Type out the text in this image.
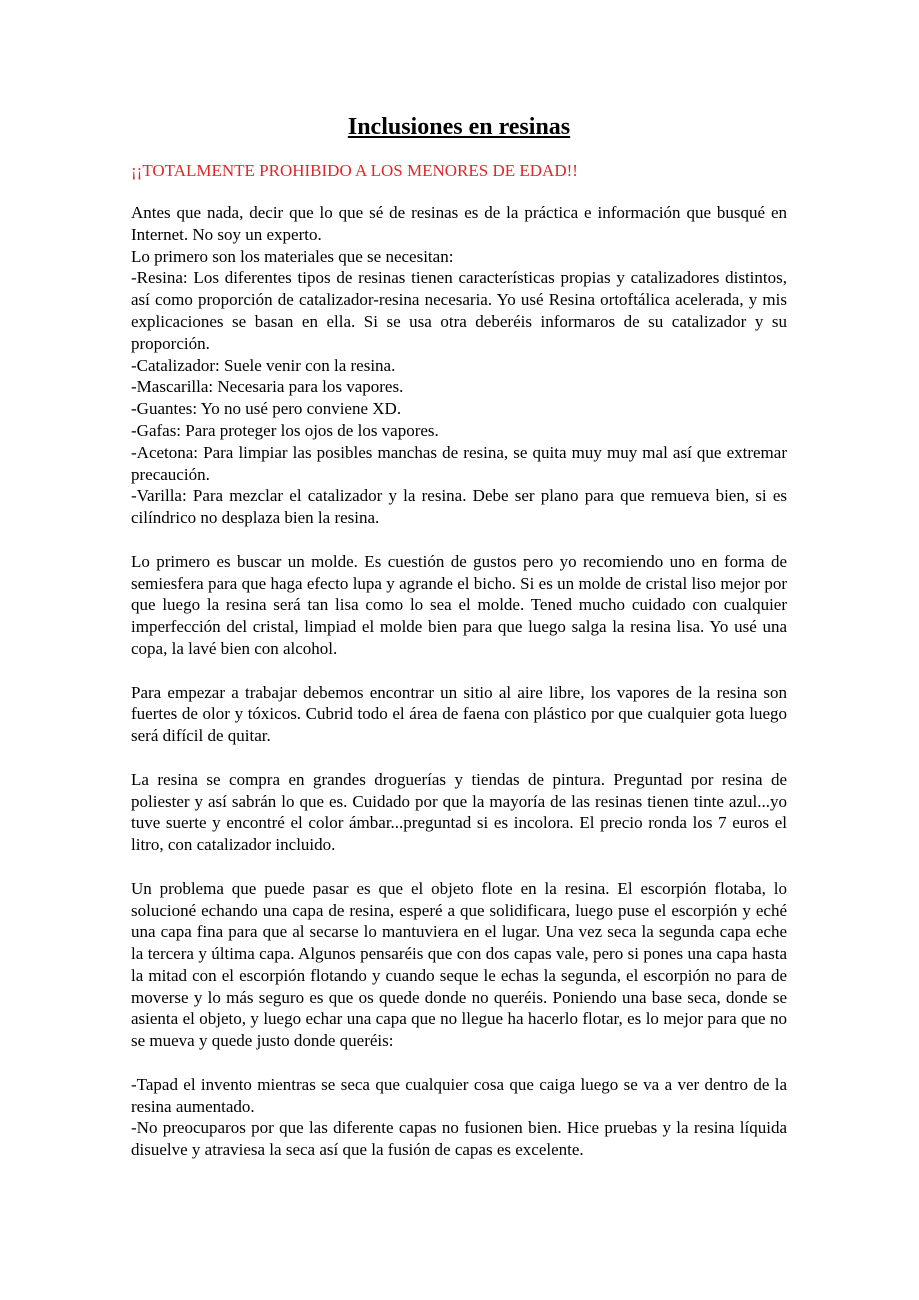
Inclusiones en resinas

¡¡TOTALMENTE PROHIBIDO A LOS MENORES DE EDAD!!

Antes que nada, decir que lo que sé de resinas es de la práctica e información que busqué en Internet. No soy un experto.

Lo primero son los materiales que se necesitan:

-Resina: Los diferentes tipos de resinas tienen características propias y catalizadores distintos, así como proporción de catalizador-resina necesaria. Yo usé Resina ortoftálica acelerada, y mis explicaciones se basan en ella. Si se usa otra deberéis informaros de su catalizador y su proporción.

-Catalizador: Suele venir con la resina.

-Mascarilla: Necesaria para los vapores.

-Guantes: Yo no usé pero conviene XD.

-Gafas: Para proteger los ojos de los vapores.

-Acetona: Para limpiar las posibles manchas de resina, se quita muy muy mal así que extremar precaución.

-Varilla: Para mezclar el catalizador y la resina. Debe ser plano para que remueva bien, si es cilíndrico no desplaza bien la resina.

Lo primero es buscar un molde. Es cuestión de gustos pero yo recomiendo uno en forma de semiesfera para que haga efecto lupa y agrande el bicho. Si es un molde de cristal liso mejor por que luego la resina será tan lisa como lo sea el molde. Tened mucho cuidado con cualquier imperfección del cristal, limpiad el molde bien para que luego salga la resina lisa. Yo usé una copa, la lavé bien con alcohol.

Para empezar a trabajar debemos encontrar un sitio al aire libre, los vapores de la resina son fuertes de olor y tóxicos. Cubrid todo el área de faena con plástico por que cualquier gota luego será difícil de quitar.

La resina se compra en grandes droguerías y tiendas de pintura. Preguntad por resina de poliester y así sabrán lo que es. Cuidado por que la mayoría de las resinas tienen tinte azul...yo tuve suerte y encontré el color ámbar...preguntad si es incolora. El precio ronda los 7 euros el litro, con catalizador incluido.

Un problema que puede pasar es que el objeto flote en la resina. El escorpión flotaba, lo solucioné echando una capa de resina, esperé a que solidificara, luego puse el escorpión y eché una capa fina para que al secarse lo mantuviera en el lugar. Una vez seca la segunda capa eche la tercera y última capa. Algunos pensaréis que con dos capas vale, pero si pones una capa hasta la mitad con el escorpión flotando y cuando seque le echas la segunda, el escorpión no para de moverse y lo más seguro es que os quede donde no queréis. Poniendo una base seca, donde se asienta el objeto, y luego echar una capa que no llegue ha hacerlo flotar, es lo mejor para que no se mueva y quede justo donde queréis:

-Tapad el invento mientras se seca que cualquier cosa que caiga luego se va a ver dentro de la resina aumentado.

-No preocuparos por que las diferente capas no fusionen bien. Hice pruebas y la resina líquida disuelve y atraviesa la seca así que la fusión de capas es excelente.
